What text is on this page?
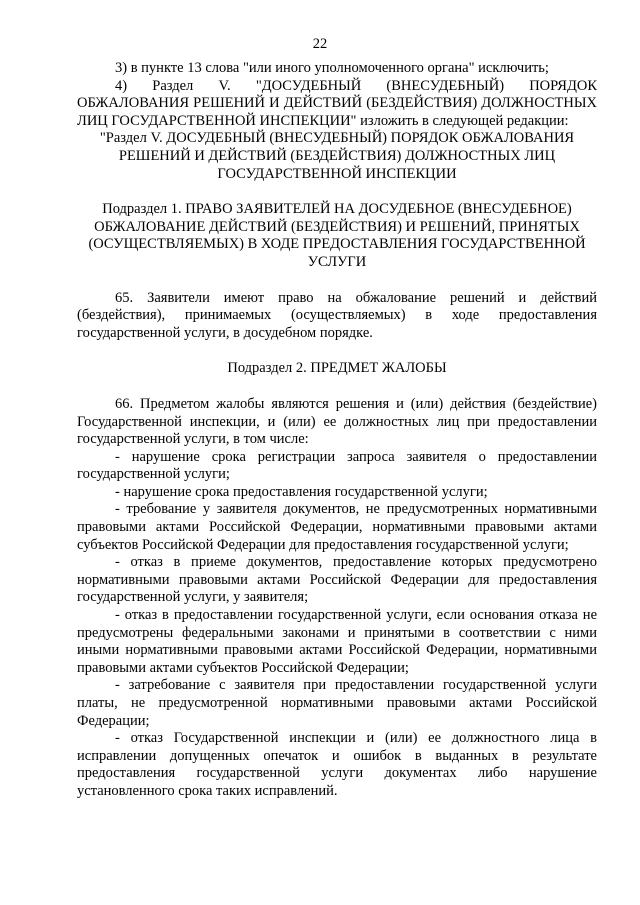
22

3) в пункте 13 слова "или иного уполномоченного органа" исключить;

4) Раздел V. "ДОСУДЕБНЫЙ (ВНЕСУДЕБНЫЙ) ПОРЯДОК ОБЖАЛОВАНИЯ РЕШЕНИЙ И ДЕЙСТВИЙ (БЕЗДЕЙСТВИЯ) ДОЛЖНОСТНЫХ ЛИЦ ГОСУДАРСТВЕННОЙ ИНСПЕКЦИИ" изложить в следующей редакции:

"Раздел V. ДОСУДЕБНЫЙ (ВНЕСУДЕБНЫЙ) ПОРЯДОК ОБЖАЛОВАНИЯ РЕШЕНИЙ И ДЕЙСТВИЙ (БЕЗДЕЙСТВИЯ) ДОЛЖНОСТНЫХ ЛИЦ ГОСУДАРСТВЕННОЙ ИНСПЕКЦИИ

Подраздел 1. ПРАВО ЗАЯВИТЕЛЕЙ НА ДОСУДЕБНОЕ (ВНЕСУДЕБНОЕ) ОБЖАЛОВАНИЕ ДЕЙСТВИЙ (БЕЗДЕЙСТВИЯ) И РЕШЕНИЙ, ПРИНЯТЫХ (ОСУЩЕСТВЛЯЕМЫХ) В ХОДЕ ПРЕДОСТАВЛЕНИЯ ГОСУДАРСТВЕННОЙ УСЛУГИ

65. Заявители имеют право на обжалование решений и действий (бездействия), принимаемых (осуществляемых) в ходе предоставления государственной услуги, в досудебном порядке.

Подраздел 2. ПРЕДМЕТ ЖАЛОБЫ

66. Предметом жалобы являются решения и (или) действия (бездействие) Государственной инспекции, и (или) ее должностных лиц при предоставлении государственной услуги, в том числе:

- нарушение срока регистрации запроса заявителя о предоставлении государственной услуги;

- нарушение срока предоставления государственной услуги;

- требование у заявителя документов, не предусмотренных нормативными правовыми актами Российской Федерации, нормативными правовыми актами субъектов Российской Федерации для предоставления государственной услуги;

- отказ в приеме документов, предоставление которых предусмотрено нормативными правовыми актами Российской Федерации для предоставления государственной услуги, у заявителя;

- отказ в предоставлении государственной услуги, если основания отказа не предусмотрены федеральными законами и принятыми в соответствии с ними иными нормативными правовыми актами Российской Федерации, нормативными правовыми актами субъектов Российской Федерации;

- затребование с заявителя при предоставлении государственной услуги платы, не предусмотренной нормативными правовыми актами Российской Федерации;

- отказ Государственной инспекции и (или) ее должностного лица в исправлении допущенных опечаток и ошибок в выданных в результате предоставления государственной услуги документах либо нарушение установленного срока таких исправлений.
